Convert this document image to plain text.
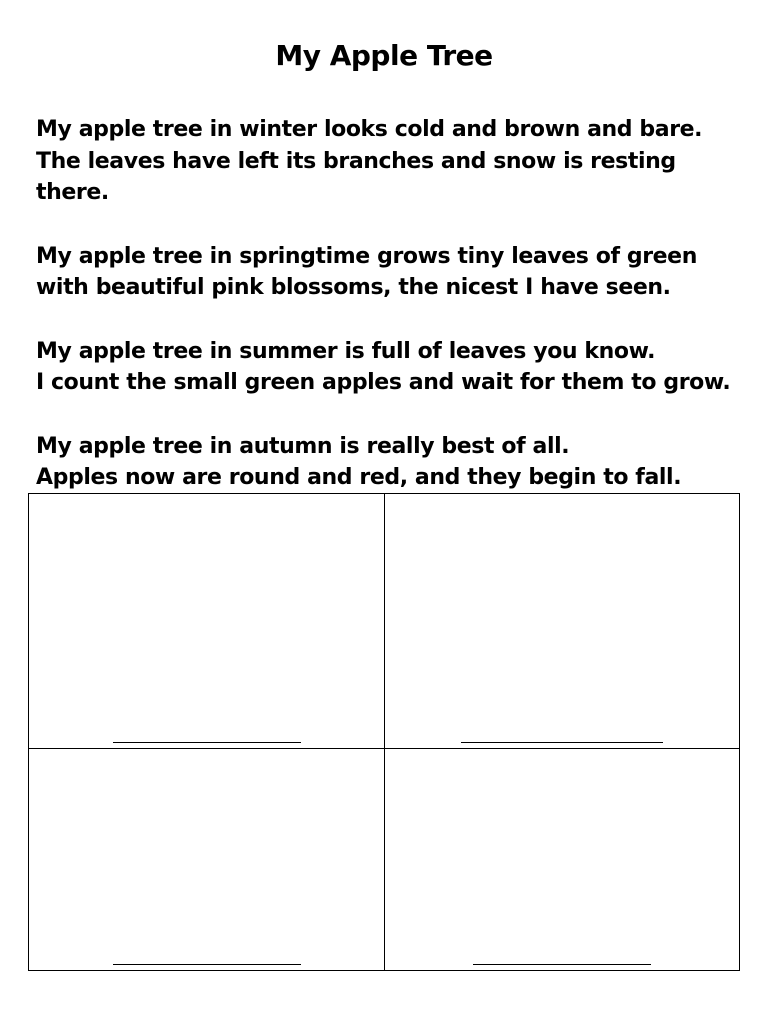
My Apple Tree
My apple tree in winter looks cold and brown and bare.
The leaves have left its branches and snow is resting
there.
My apple tree in springtime grows tiny leaves of green
with beautiful pink blossoms, the nicest I have seen.
My apple tree in summer is full of leaves you know.
I count the small green apples and wait for them to grow.
My apple tree in autumn is really best of all.
Apples now are round and red, and they begin to fall.
